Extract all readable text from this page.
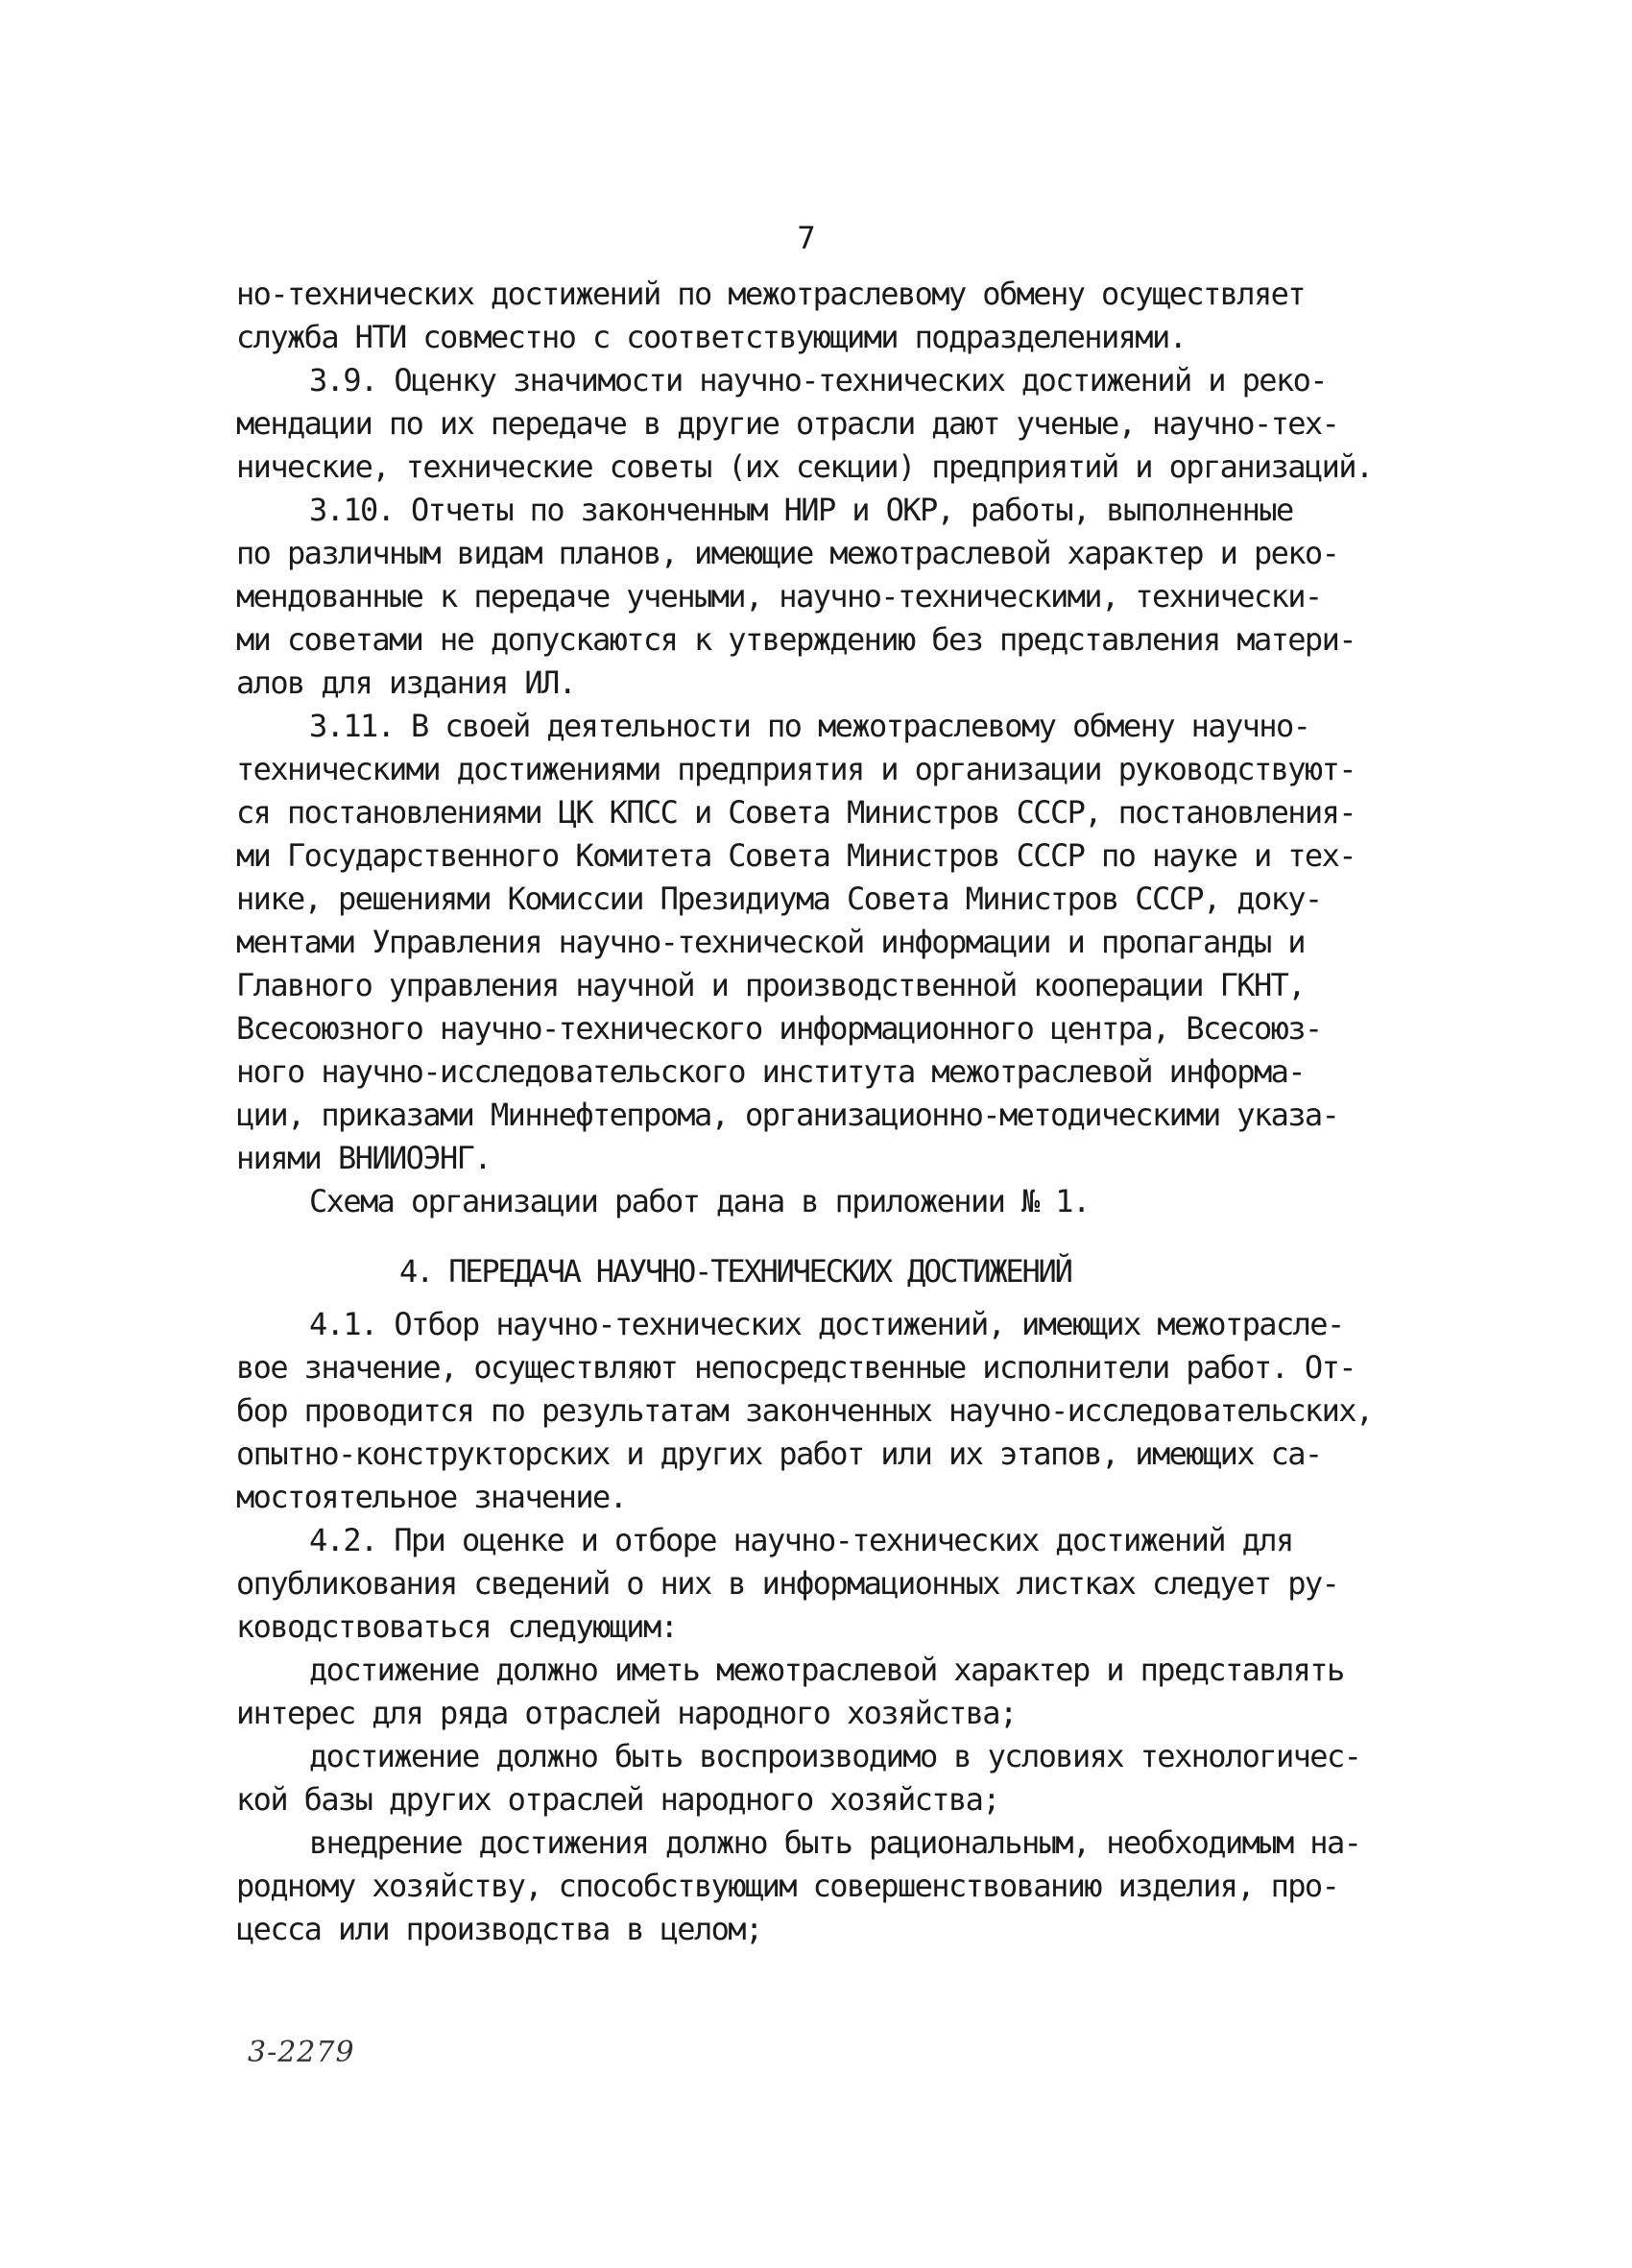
7
но-технических достижений по межотраслевому обмену осуществляет
служба НТИ совместно с соответствующими подразделениями.
3.9. Оценку значимости научно-технических достижений и реко-
мендации по их передаче в другие отрасли дают ученые, научно-тех-
нические, технические советы (их секции) предприятий и организаций.
3.10. Отчеты по законченным НИР и ОКР, работы, выполненные
по различным видам планов, имеющие межотраслевой характер и реко-
мендованные к передаче учеными, научно-техническими, технически-
ми советами не допускаются к утверждению без представления матери-
алов для издания ИЛ.
3.11. В своей деятельности по межотраслевому обмену научно-
техническими достижениями предприятия и организации руководствуют-
ся постановлениями ЦК КПСС и Совета Министров СССР, постановления-
ми Государственного Комитета Совета Министров СССР по науке и тех-
нике, решениями Комиссии Президиума Совета Министров СССР, доку-
ментами Управления научно-технической информации и пропаганды и
Главного управления научной и производственной кооперации ГКНТ,
Всесоюзного научно-технического информационного центра, Всесоюз-
ного научно-исследовательского института межотраслевой информа-
ции, приказами Миннефтепрома, организационно-методическими указа-
ниями ВНИИОЭНГ.
Схема организации работ дана в приложении № 1.
4. ПЕРЕДАЧА НАУЧНО-ТЕХНИЧЕСКИХ ДОСТИЖЕНИЙ
4.1. Отбор научно-технических достижений, имеющих межотрасле-
вое значение, осуществляют непосредственные исполнители работ. От-
бор проводится по результатам законченных научно-исследовательских,
опытно-конструкторских и других работ или их этапов, имеющих са-
мостоятельное значение.
4.2. При оценке и отборе научно-технических достижений для
опубликования сведений о них в информационных листках следует ру-
ководствоваться следующим:
достижение должно иметь межотраслевой характер и представлять
интерес для ряда отраслей народного хозяйства;
достижение должно быть воспроизводимо в условиях технологичес-
кой базы других отраслей народного хозяйства;
внедрение достижения должно быть рациональным, необходимым на-
родному хозяйству, способствующим совершенствованию изделия, про-
цесса или производства в целом;
3-2279
